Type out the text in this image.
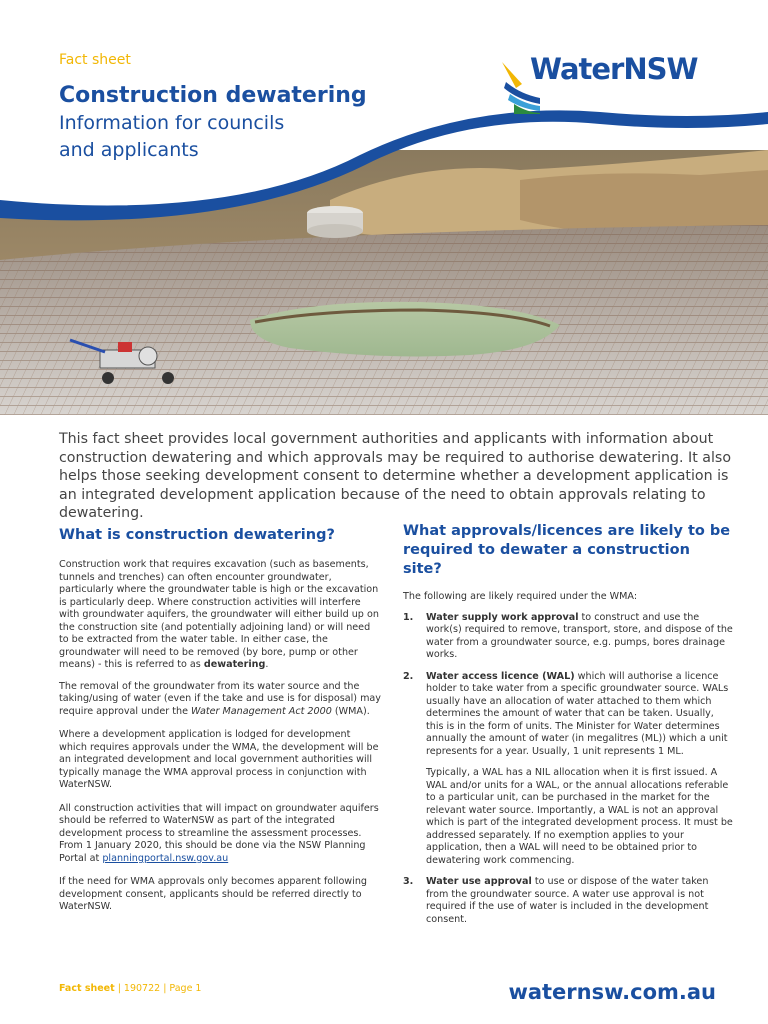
Fact sheet
Construction dewatering
Information for councils
and applicants
WaterNSW
This fact sheet provides local government authorities and applicants with information about construction dewatering and which approvals may be required to authorise dewatering. It also helps those seeking development consent to determine whether a development application is an integrated development application because of the need to obtain approvals relating to dewatering.
What is construction dewatering?

Construction work that requires excavation (such as basements, tunnels and trenches) can often encounter groundwater, particularly where the groundwater table is high or the excavation is particularly deep. Where construction activities will interfere with groundwater aquifers, the groundwater will either build up on the construction site (and potentially adjoining land) or will need to be extracted from the water table. In either case, the groundwater will need to be removed (by bore, pump or other means) - this is referred to as dewatering.

The removal of the groundwater from its water source and the taking/using of water (even if the take and use is for disposal) may require approval under the Water Management Act 2000 (WMA).

Where a development application is lodged for development which requires approvals under the WMA, the development will be an integrated development and local government authorities will typically manage the WMA approval process in conjunction with WaterNSW.

All construction activities that will impact on groundwater aquifers should be referred to WaterNSW as part of the integrated development process to streamline the assessment processes. From 1 January 2020, this should be done via the NSW Planning Portal at planningportal.nsw.gov.au

If the need for WMA approvals only becomes apparent following development consent, applicants should be referred directly to WaterNSW.

What approvals/licences are likely to be required to dewater a construction site?

The following are likely required under the WMA:

1. Water supply work approval to construct and use the work(s) required to remove, transport, store, and dispose of the water from a groundwater source, e.g. pumps, bores drainage works.
2. Water access licence (WAL) which will authorise a licence holder to take water from a specific groundwater source. WALs usually have an allocation of water attached to them which determines the amount of water that can be taken. Usually, this is in the form of units. The Minister for Water determines annually the amount of water (in megalitres (ML)) which a unit represents for a year. Usually, 1 unit represents 1 ML.

Typically, a WAL has a NIL allocation when it is first issued. A WAL and/or units for a WAL, or the annual allocations referable to a particular unit, can be purchased in the market for the relevant water source. Importantly, a WAL is not an approval which is part of the integrated development process. It must be addressed separately. If no exemption applies to your application, then a WAL will need to be obtained prior to dewatering work commencing.

3. Water use approval to use or dispose of the water taken from the groundwater source. A water use approval is not required if the use of water is included in the development consent.
Fact sheet | 190722 | Page 1	waternsw.com.au
